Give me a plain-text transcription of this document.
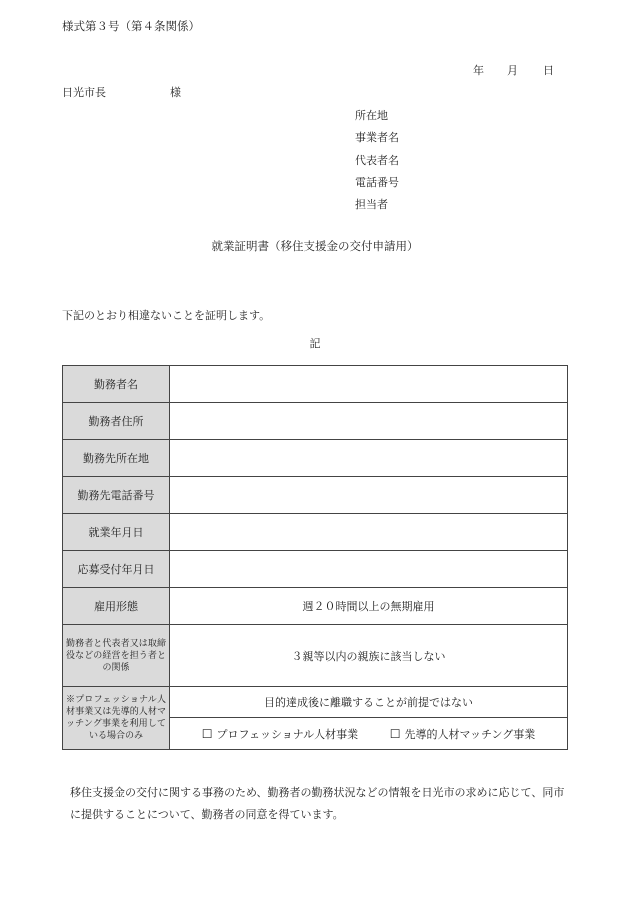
様式第３号（第４条関係）
年 月 日
日光市長	様
所在地
事業者名
代表者名
電話番号
担当者
就業証明書（移住支援金の交付申請用）
下記のとおり相違ないことを証明します。
記
勤務者名	
勤務者住所	
勤務先所在地	
勤務先電話番号	
就業年月日	
応募受付年月日	
雇用形態	週２０時間以上の無期雇用
勤務者と代表者又は取締役などの経営を担う者との関係	３親等以内の親族に該当しない
※プロフェッショナル人材事業又は先導的人材マッチング事業を利用している場合のみ	目的達成後に離職することが前提ではない
	☐ プロフェッショナル人材事業 ☐ 先導的人材マッチング事業
移住支援金の交付に関する事務のため、勤務者の勤務状況などの情報を日光市の求めに応じて、同市に提供することについて、勤務者の同意を得ています。
